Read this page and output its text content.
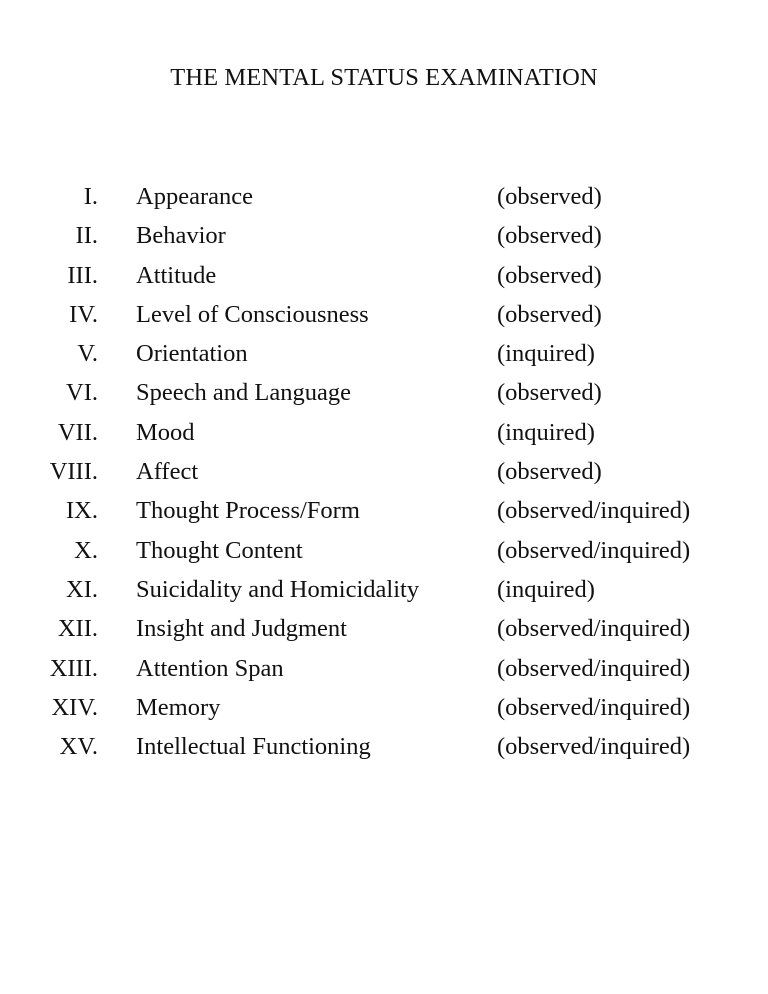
THE MENTAL STATUS EXAMINATION
I. Appearance	(observed)
II. Behavior	(observed)
III. Attitude	(observed)
IV. Level of Consciousness	(observed)
V. Orientation	(inquired)
VI. Speech and Language	(observed)
VII. Mood	(inquired)
VIII. Affect	(observed)
IX. Thought Process/Form	(observed/inquired)
X. Thought Content	(observed/inquired)
XI. Suicidality and Homicidality	(inquired)
XII. Insight and Judgment	(observed/inquired)
XIII. Attention Span	(observed/inquired)
XIV. Memory	(observed/inquired)
XV. Intellectual Functioning	(observed/inquired)
